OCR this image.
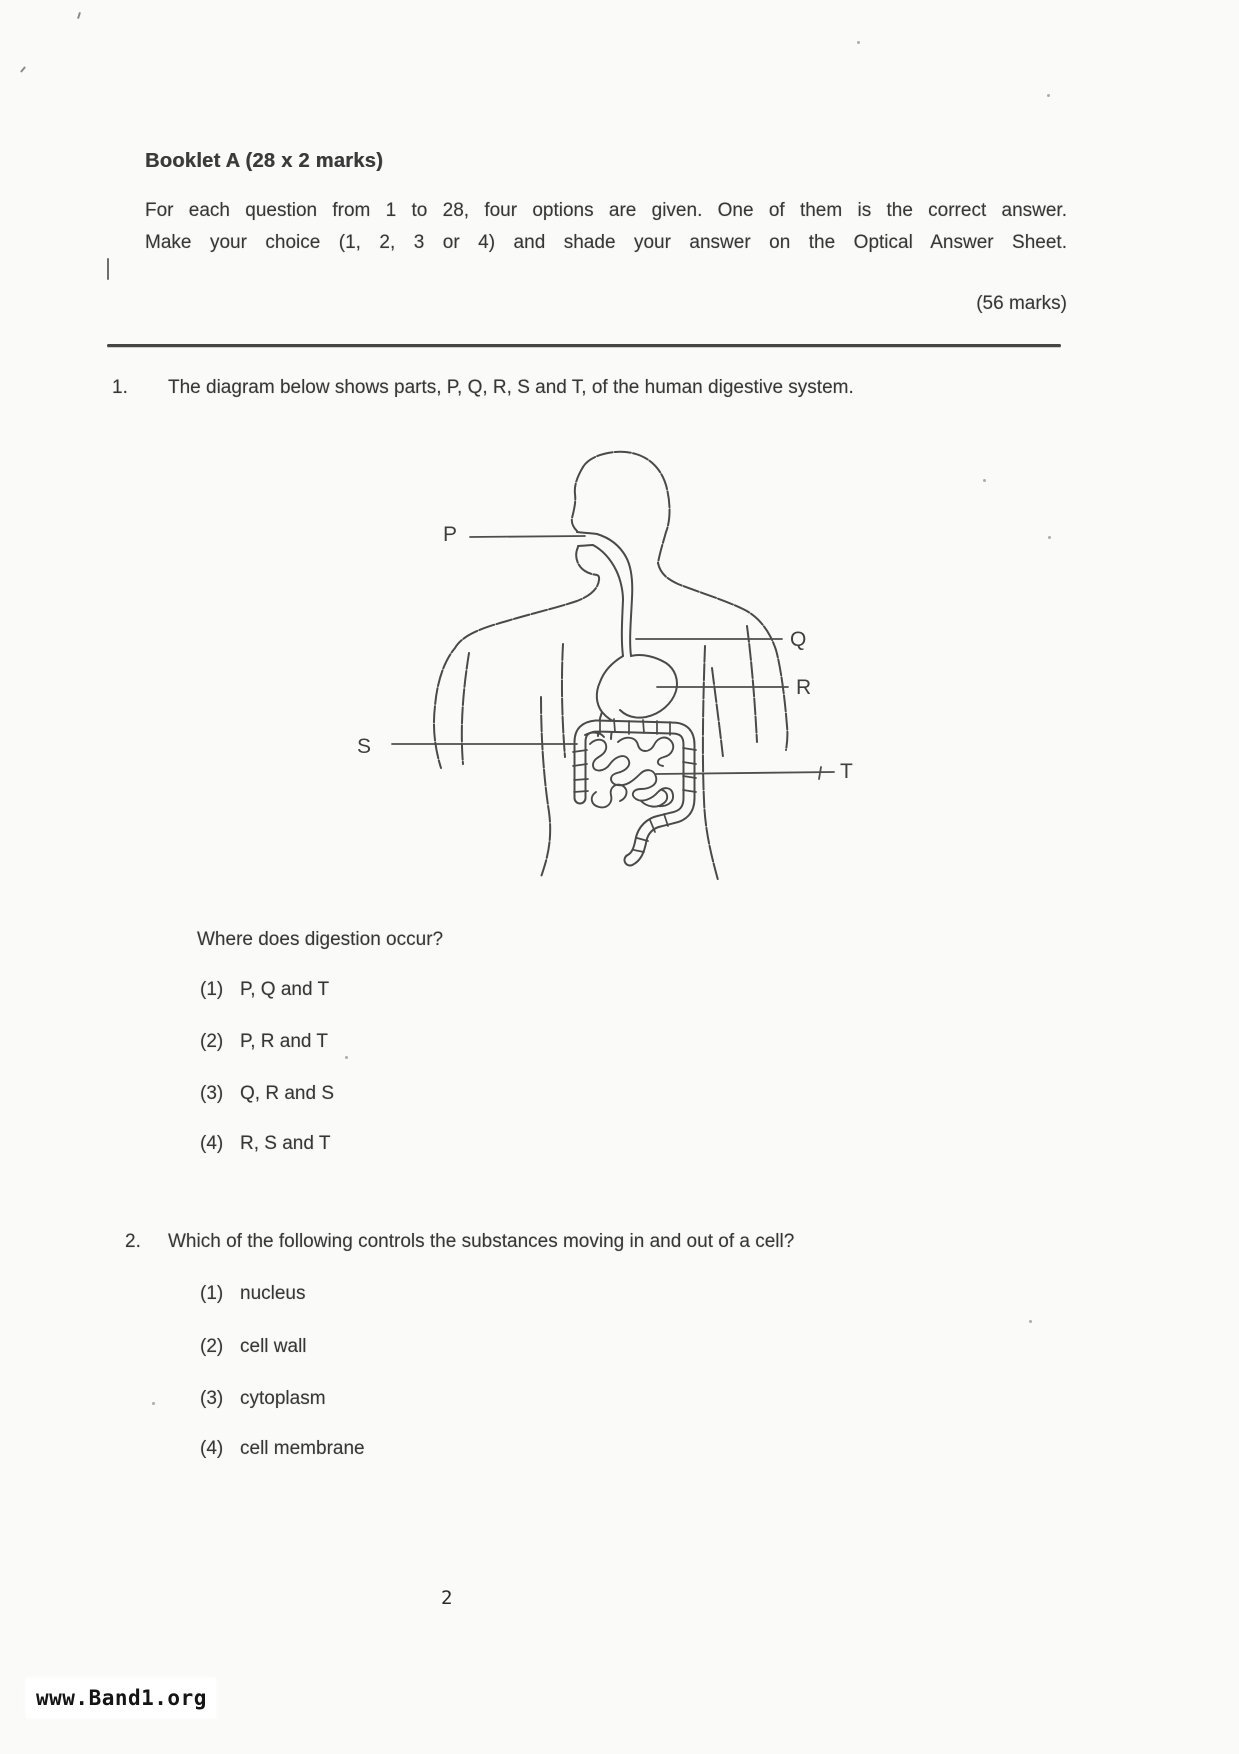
Booklet A (28 x 2 marks)
For each question from 1 to 28, four options are given. One of them is the correct answer.
Make your choice (1, 2, 3 or 4) and shade your answer on the Optical Answer Sheet.
(56 marks)
1. The diagram below shows parts, P, Q, R, S and T, of the human digestive system.
P
Q
R
S
T
Where does digestion occur?
(1) P, Q and T
(2) P, R and T
(3) Q, R and S
(4) R, S and T
2. Which of the following controls the substances moving in and out of a cell?
(1) nucleus
(2) cell wall
(3) cytoplasm
(4) cell membrane
2
www.Band1.org
